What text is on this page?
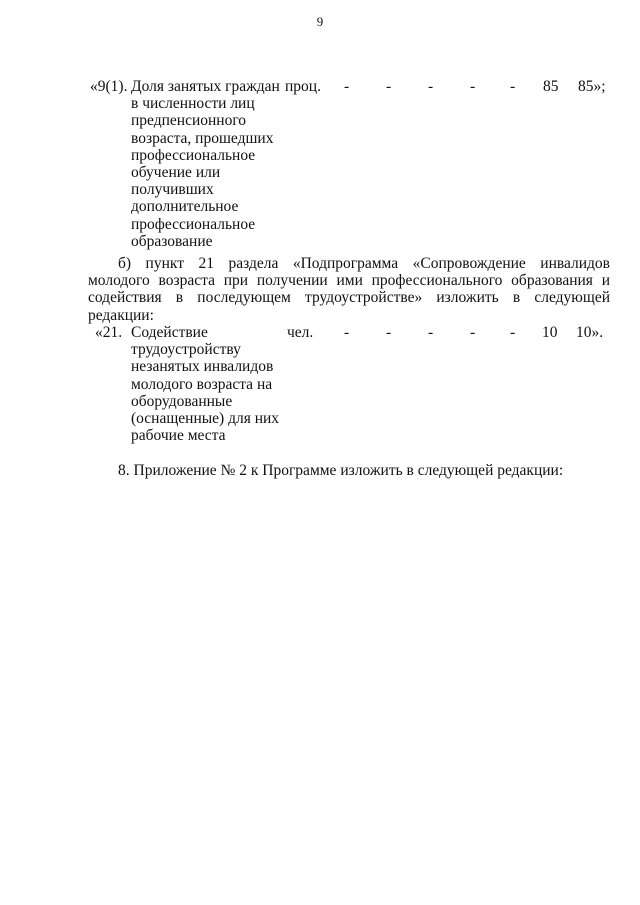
9
«9(1). Доля занятых граждан
в численности лиц
предпенсионного
возраста, прошедших
профессиональное
обучение или
получивших
дополнительное
профессиональное
образование
проц. - - - - - 85 85»;
б) пункт 21 раздела «Подпрограмма «Сопровождение инвалидов молодого возраста при получении ими профессионального образования и содействия в последующем трудоустройстве» изложить в следующей редакции:
«21. Содействие
трудоустройству
незанятых инвалидов
молодого возраста на
оборудованные
(оснащенные) для них
рабочие места
чел. - - - - - 10 10».
8. Приложение № 2 к Программе изложить в следующей редакции:
